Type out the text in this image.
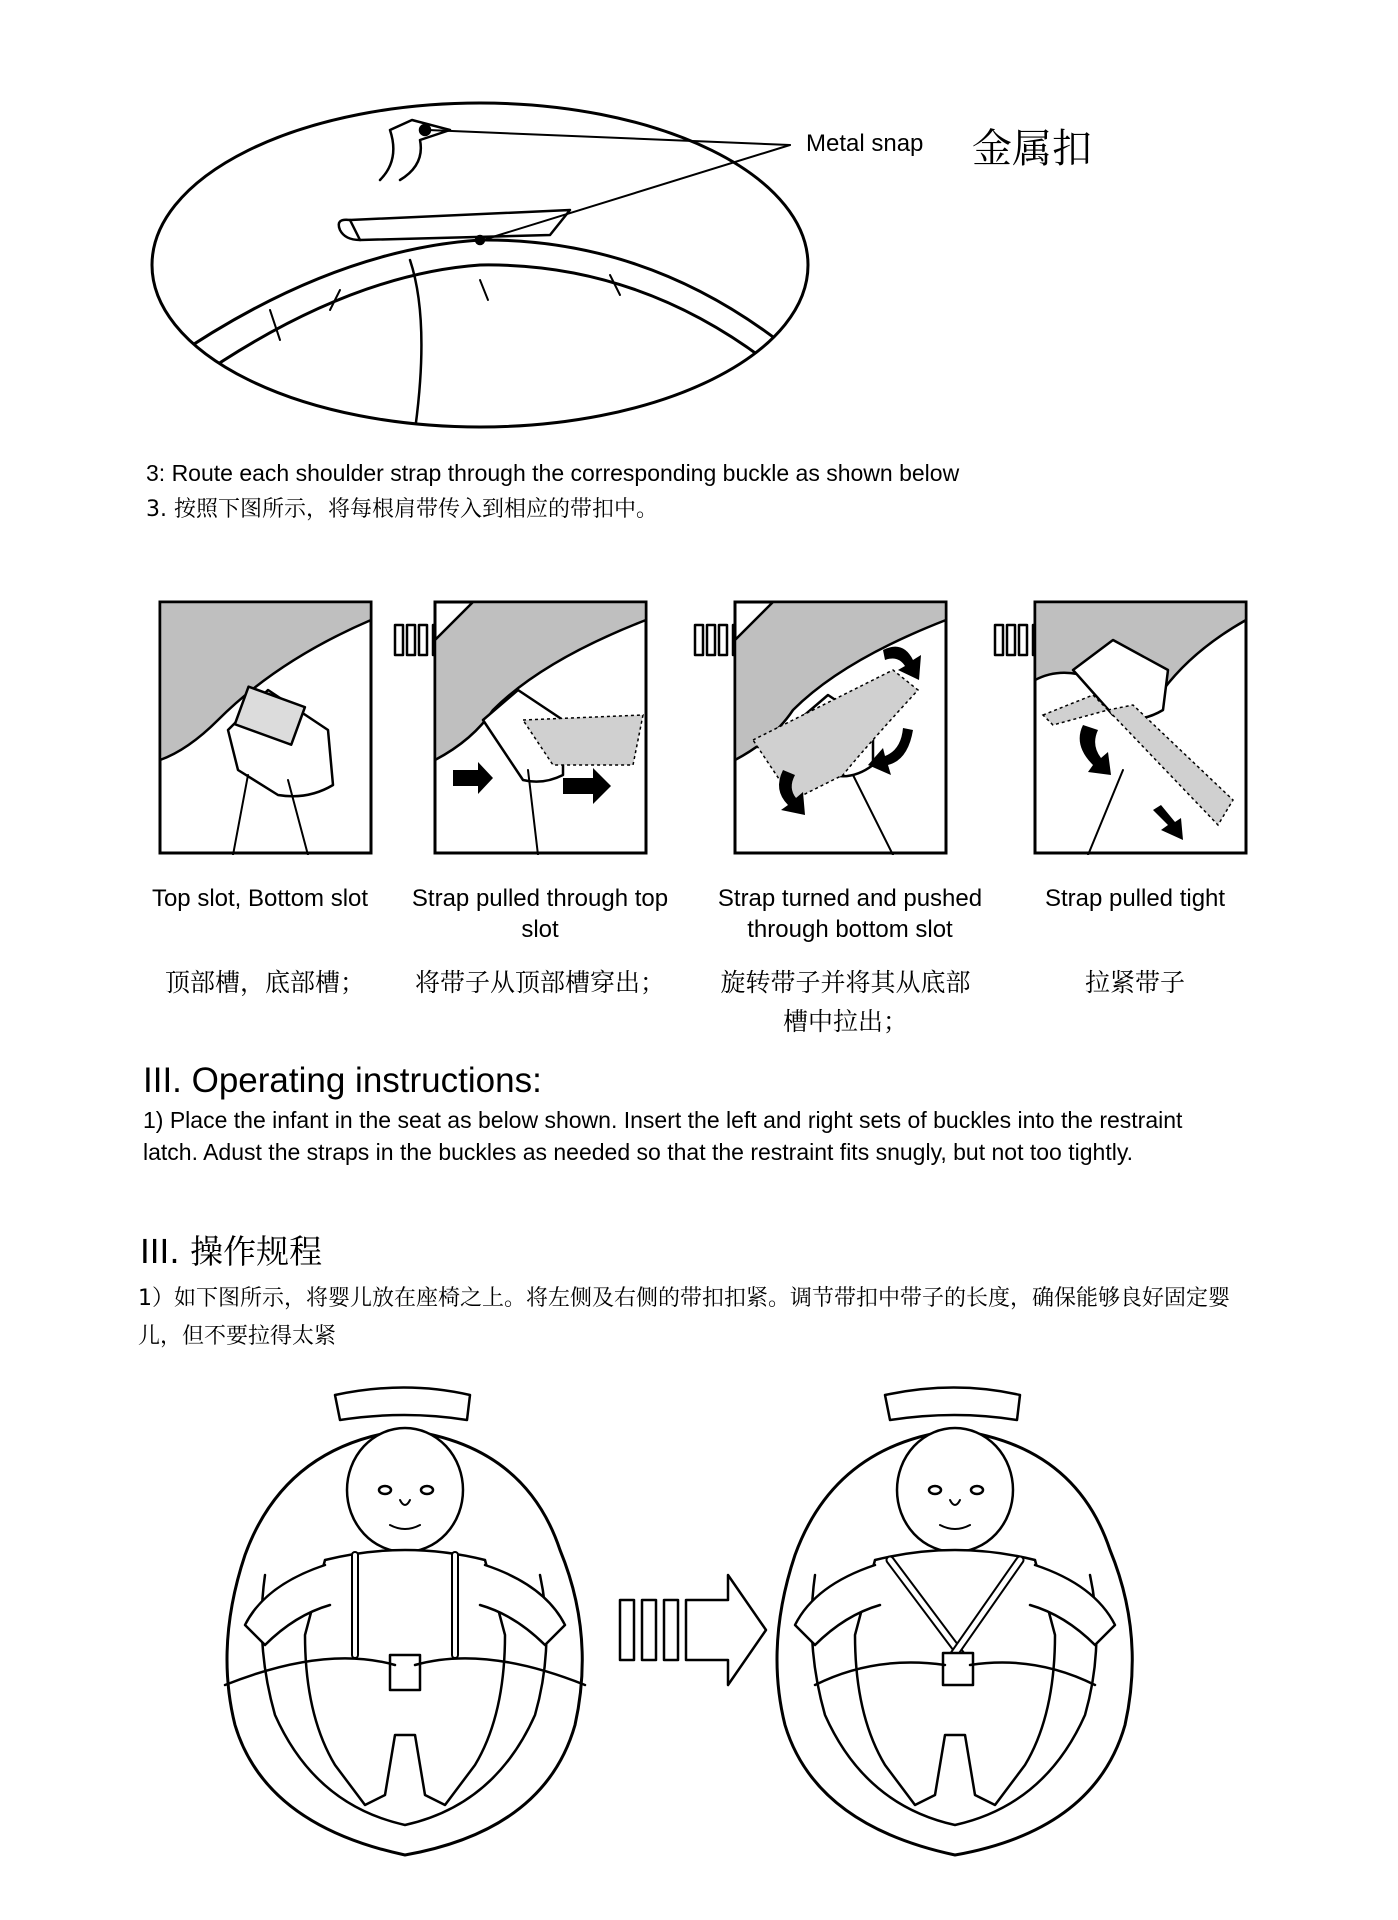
Metal snap 金属扣
3: Route each shoulder strap through the corresponding buckle as shown below
3. 按照下图所示，将每根肩带传入到相应的带扣中。
Top slot, Bottom slot	Strap pulled through top slot
Strap turned and pushed through bottom slot
Strap pulled tight
顶部槽，底部槽；	将带子从顶部槽穿出；	旋转带子并将其从底部槽中拉出；
拉紧带子
III. Operating instructions:
1) Place the infant in the seat as below shown. Insert the left and right sets of buckles into the restraint latch. Adust the straps in the buckles as needed so that the restraint fits snugly, but not too tightly.
III. 操作规程
1）如下图所示，将婴儿放在座椅之上。将左侧及右侧的带扣扣紧。调节带扣中带子的长度，确保能够良好固定婴儿，但不要拉得太紧
